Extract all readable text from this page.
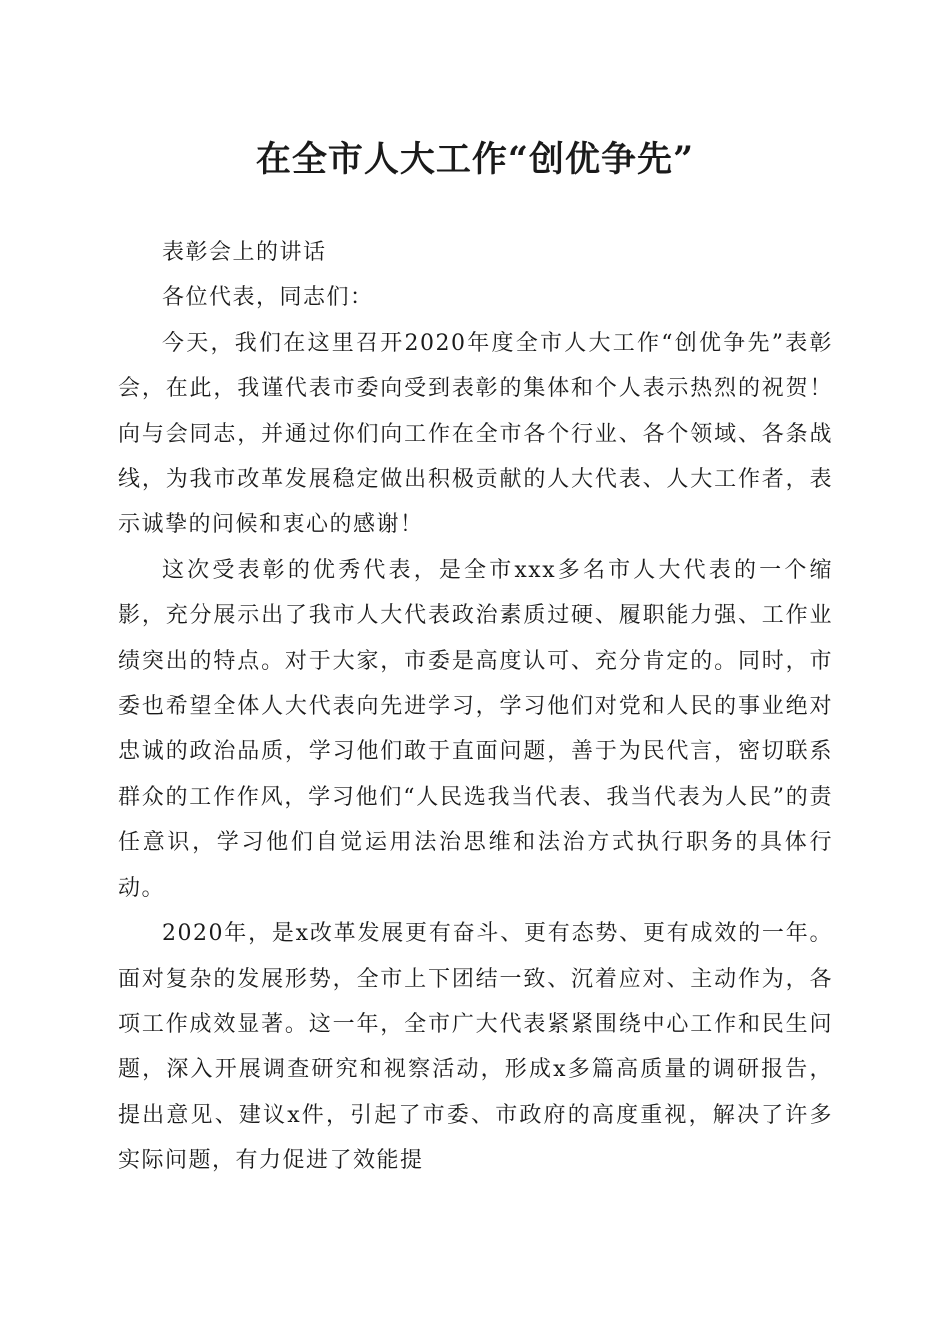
在全市人大工作“创优争先”

表彰会上的讲话

各位代表，同志们：

今天，我们在这里召开2020年度全市人大工作“创优争先”表彰会，在此，我谨代表市委向受到表彰的集体和个人表示热烈的祝贺！向与会同志，并通过你们向工作在全市各个行业、各个领域、各条战线，为我市改革发展稳定做出积极贡献的人大代表、人大工作者，表示诚挚的问候和衷心的感谢！

这次受表彰的优秀代表，是全市xxx多名市人大代表的一个缩影，充分展示出了我市人大代表政治素质过硬、履职能力强、工作业绩突出的特点。对于大家，市委是高度认可、充分肯定的。同时，市委也希望全体人大代表向先进学习，学习他们对党和人民的事业绝对忠诚的政治品质，学习他们敢于直面问题，善于为民代言，密切联系群众的工作作风，学习他们“人民选我当代表、我当代表为人民”的责任意识，学习他们自觉运用法治思维和法治方式执行职务的具体行动。

2020年，是x改革发展更有奋斗、更有态势、更有成效的一年。面对复杂的发展形势，全市上下团结一致、沉着应对、主动作为，各项工作成效显著。这一年，全市广大代表紧紧围绕中心工作和民生问题，深入开展调查研究和视察活动，形成x多篇高质量的调研报告，提出意见、建议x件，引起了市委、市政府的高度重视，解决了许多实际问题，有力促进了效能提
